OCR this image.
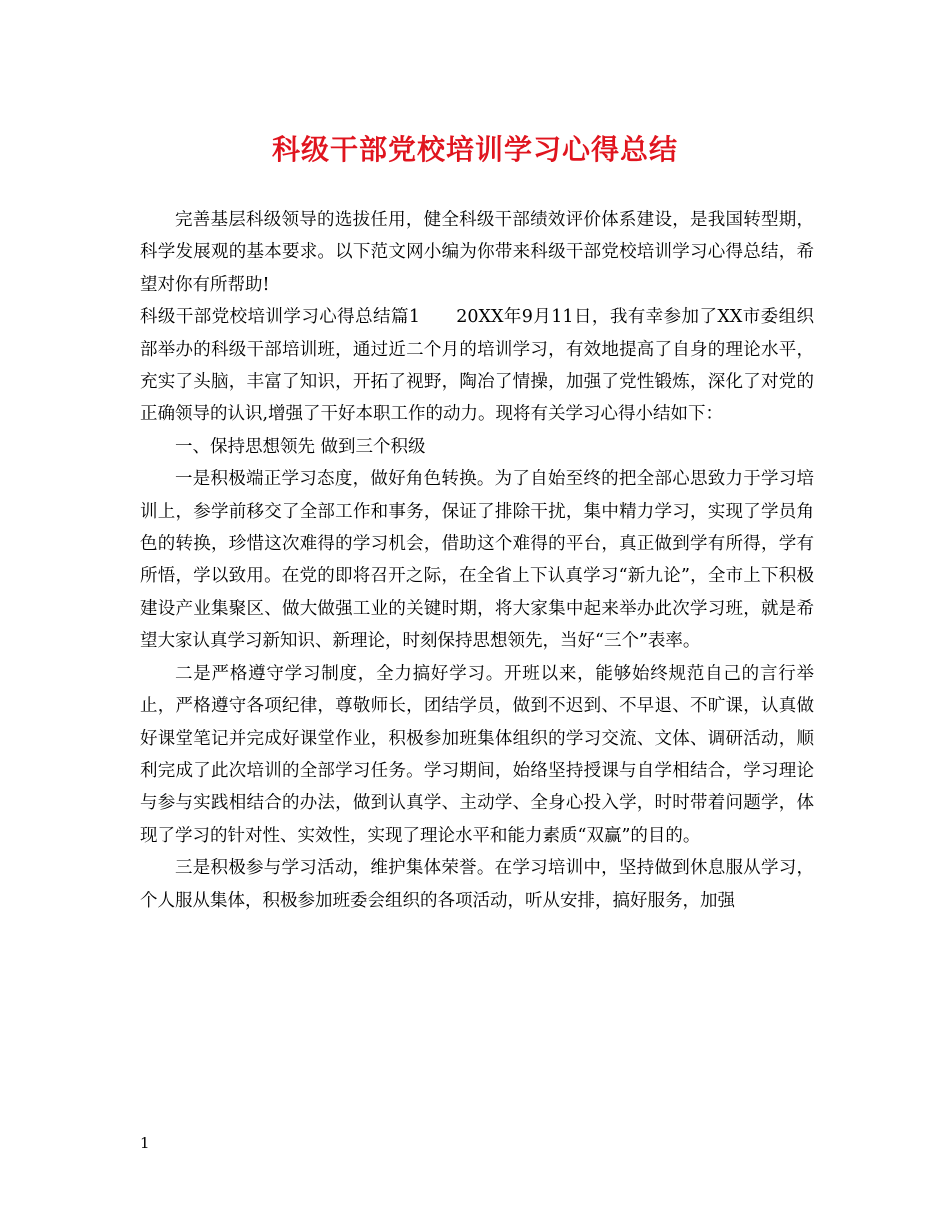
科级干部党校培训学习心得总结

完善基层科级领导的选拔任用，健全科级干部绩效评价体系建设，是我国转型期，科学发展观的基本要求。以下范文网小编为你带来科级干部党校培训学习心得总结，希望对你有所帮助!

科级干部党校培训学习心得总结篇1　　20XX年9月11日，我有幸参加了XX市委组织部举办的科级干部培训班，通过近二个月的培训学习，有效地提高了自身的理论水平，充实了头脑，丰富了知识，开拓了视野，陶冶了情操，加强了党性锻炼，深化了对党的正确领导的认识,增强了干好本职工作的动力。现将有关学习心得小结如下：

一、保持思想领先 做到三个积级

一是积极端正学习态度，做好角色转换。为了自始至终的把全部心思致力于学习培训上，参学前移交了全部工作和事务，保证了排除干扰，集中精力学习，实现了学员角色的转换，珍惜这次难得的学习机会，借助这个难得的平台，真正做到学有所得，学有所悟，学以致用。在党的即将召开之际，在全省上下认真学习“新九论”，全市上下积极建设产业集聚区、做大做强工业的关键时期，将大家集中起来举办此次学习班，就是希望大家认真学习新知识、新理论，时刻保持思想领先，当好“三个”表率。

二是严格遵守学习制度，全力搞好学习。开班以来，能够始终规范自己的言行举止，严格遵守各项纪律，尊敬师长，团结学员，做到不迟到、不早退、不旷课，认真做好课堂笔记并完成好课堂作业，积极参加班集体组织的学习交流、文体、调研活动，顺利完成了此次培训的全部学习任务。学习期间，始络坚持授课与自学相结合，学习理论与参与实践相结合的办法，做到认真学、主动学、全身心投入学，时时带着问题学，体现了学习的针对性、实效性，实现了理论水平和能力素质“双赢”的目的。

三是积极参与学习活动，维护集体荣誉。在学习培训中，坚持做到休息服从学习，个人服从集体，积极参加班委会组织的各项活动，听从安排，搞好服务，加强

1
